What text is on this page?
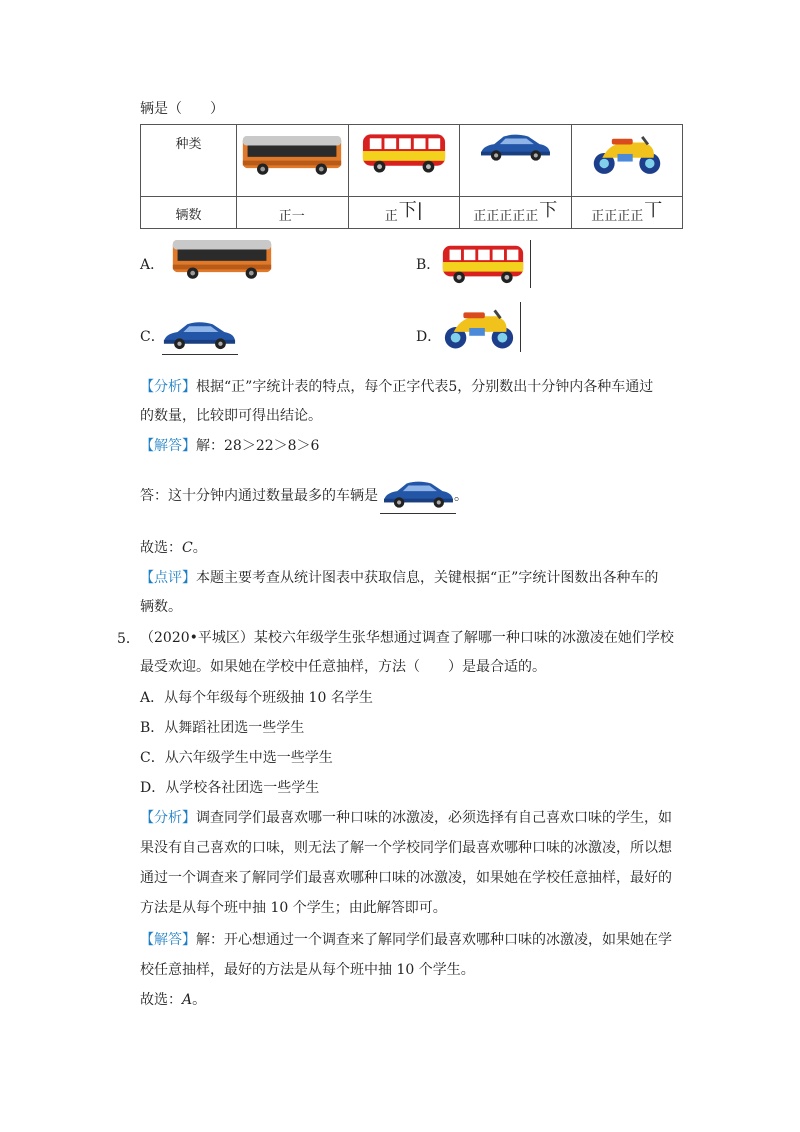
辆是（　　）
种类

辆数	正一	正下|	正正正正正下	正正正正丅
A．	B．
C．	D．
【分析】根据“正”字统计表的特点，每个正字代表5，分别数出十分钟内各种车通过
的数量，比较即可得出结论。
【解答】解：28＞22＞8＞6
答：这十分钟内通过数量最多的车辆是	。
故选：C。
【点评】本题主要考查从统计图表中获取信息，关键根据“正”字统计图数出各种车的
辆数。
5． （2020•平城区）某校六年级学生张华想通过调查了解哪一种口味的冰激凌在她们学校
最受欢迎。如果她在学校中任意抽样，方法（　　）是最合适的。
A．从每个年级每个班级抽 10 名学生
B．从舞蹈社团选一些学生
C．从六年级学生中选一些学生
D．从学校各社团选一些学生
【分析】调查同学们最喜欢哪一种口味的冰激凌，必须选择有自己喜欢口味的学生，如
果没有自己喜欢的口味，则无法了解一个学校同学们最喜欢哪种口味的冰激凌，所以想
通过一个调查来了解同学们最喜欢哪种口味的冰激凌，如果她在学校任意抽样，最好的
方法是从每个班中抽 10 个学生；由此解答即可。
【解答】解：开心想通过一个调查来了解同学们最喜欢哪种口味的冰激凌，如果她在学
校任意抽样，最好的方法是从每个班中抽 10 个学生。
故选：A。
